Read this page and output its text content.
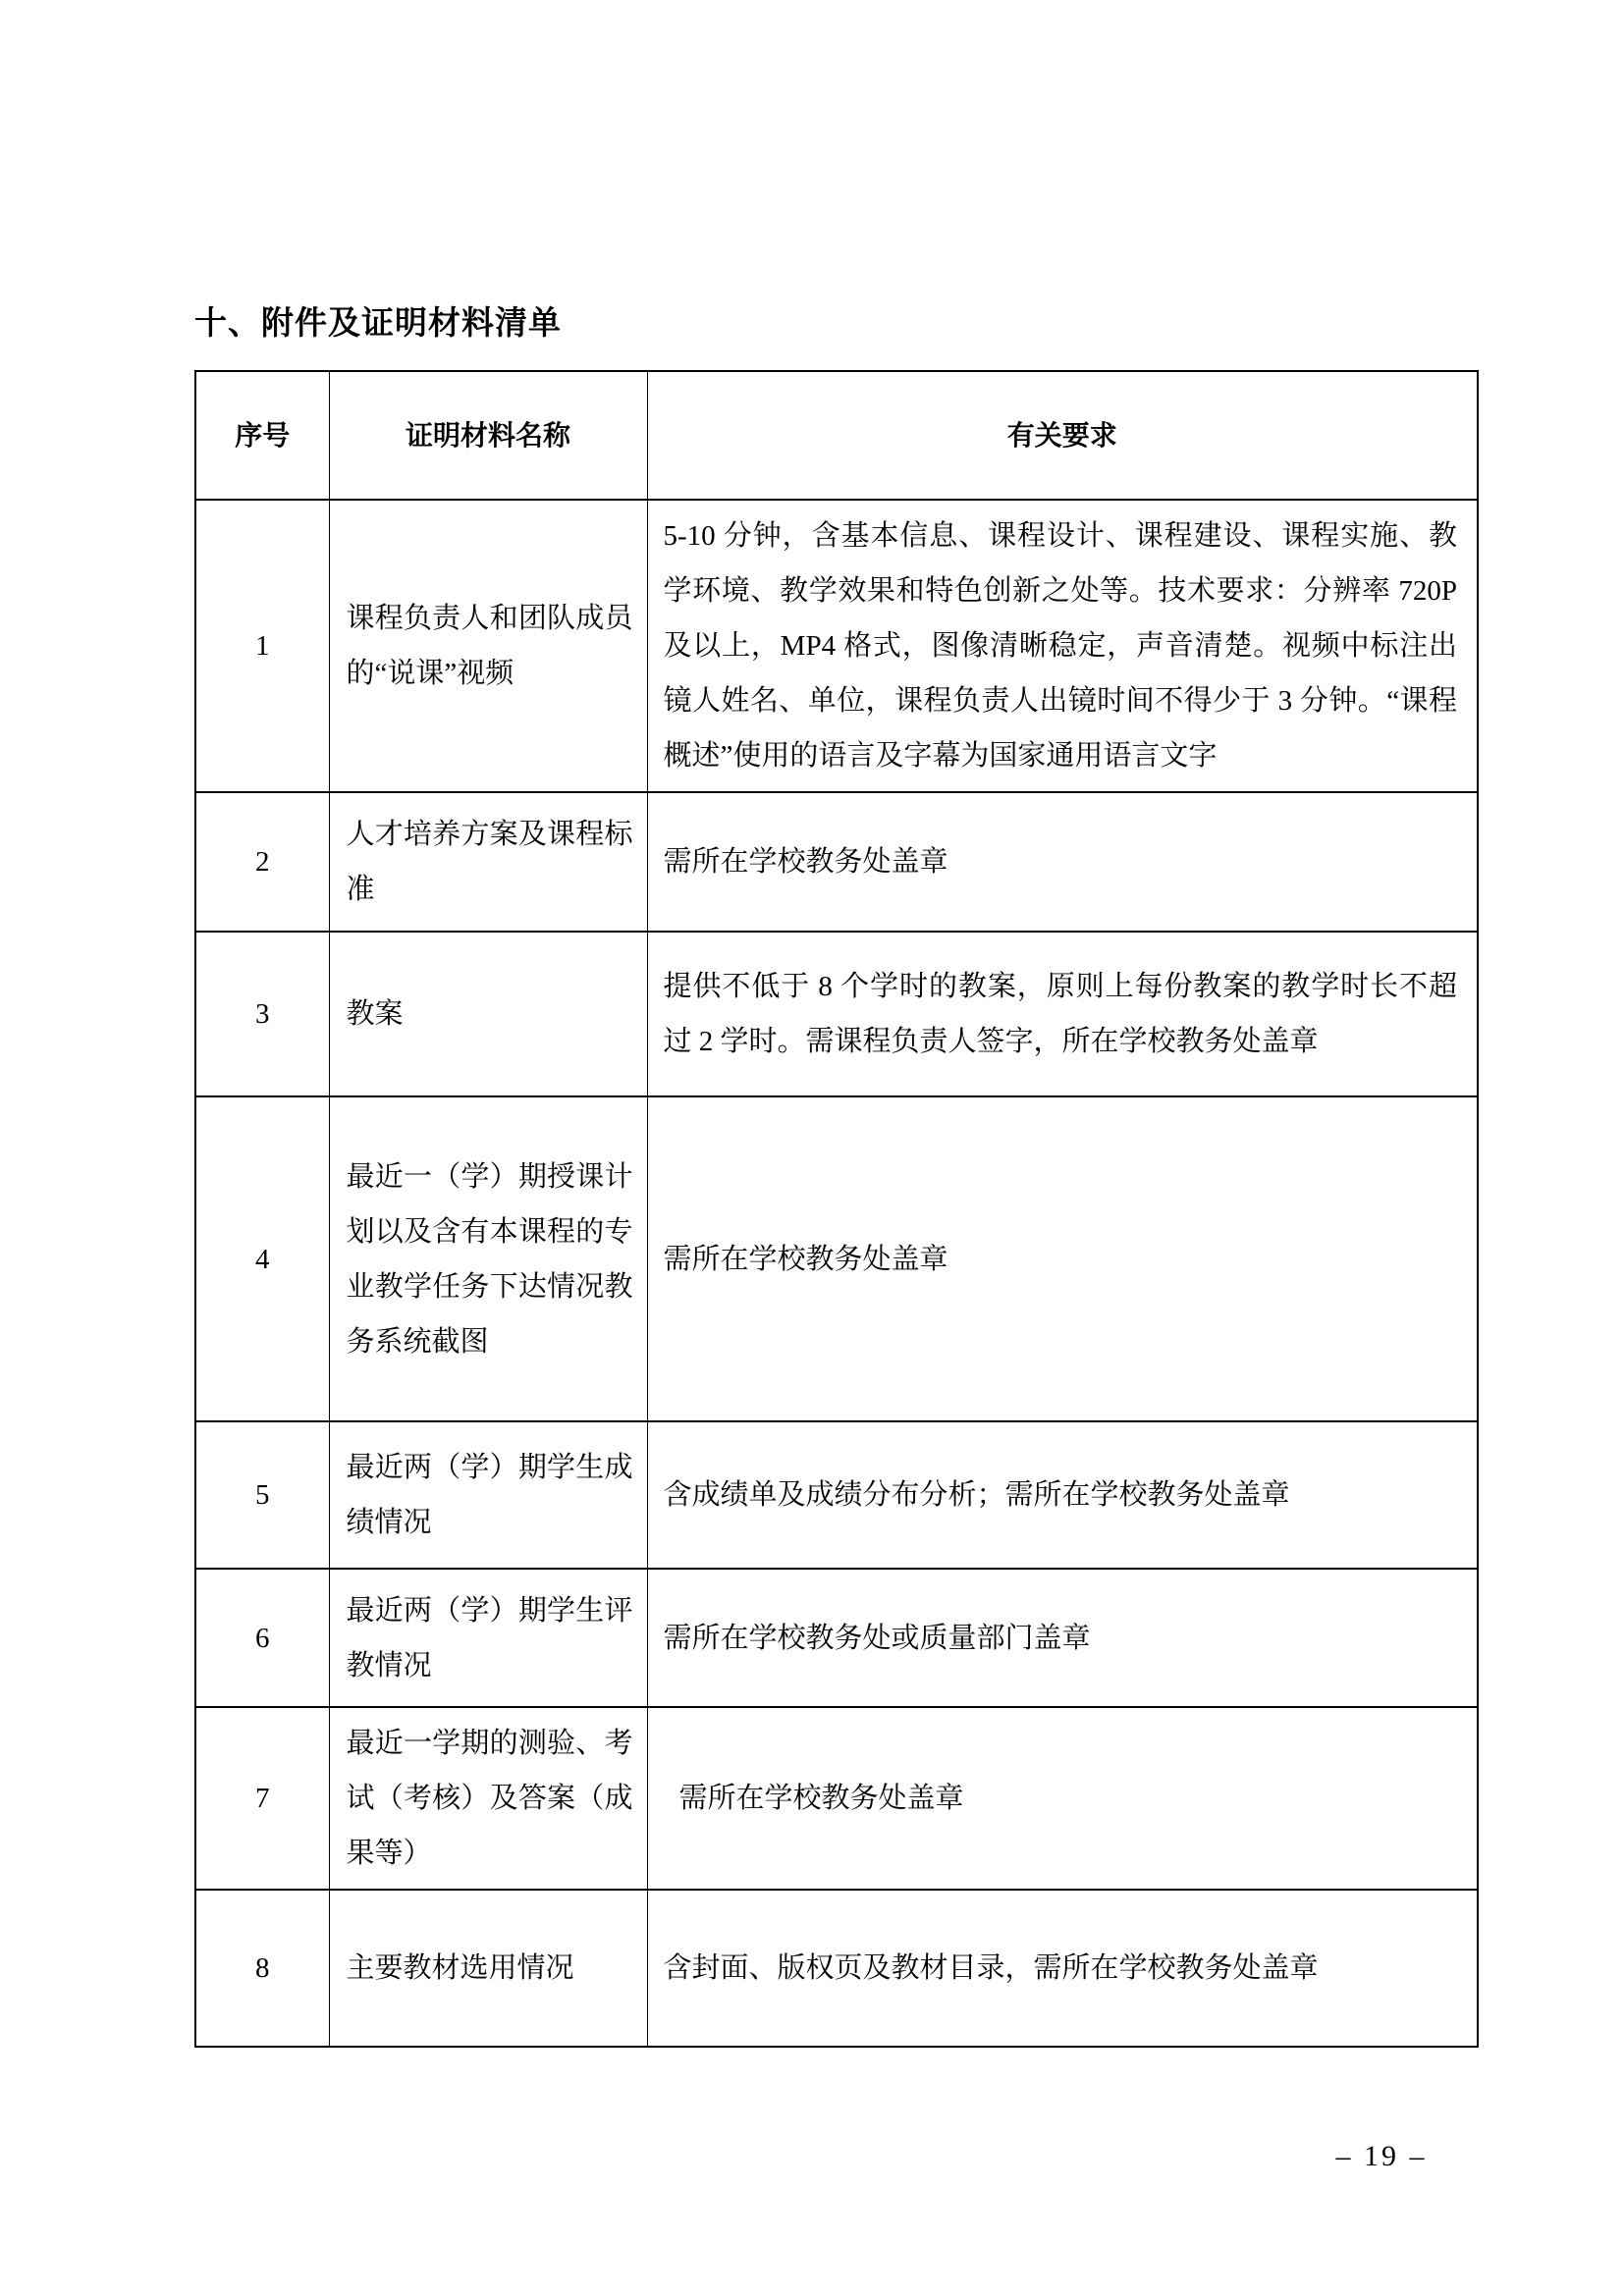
十、附件及证明材料清单
序号	证明材料名称	有关要求
1	课程负责人和团队成员的“说课”视频	5-10 分钟，含基本信息、课程设计、课程建设、课程实施、教学环境、教学效果和特色创新之处等。技术要求：分辨率 720P 及以上，MP4 格式，图像清晰稳定，声音清楚。视频中标注出镜人姓名、单位，课程负责人出镜时间不得少于 3 分钟。“课程概述”使用的语言及字幕为国家通用语言文字
2	人才培养方案及课程标准	需所在学校教务处盖章
3	教案	提供不低于 8 个学时的教案，原则上每份教案的教学时长不超过 2 学时。需课程负责人签字，所在学校教务处盖章
4	最近一（学）期授课计划以及含有本课程的专业教学任务下达情况教务系统截图	需所在学校教务处盖章
5	最近两（学）期学生成绩情况	含成绩单及成绩分布分析；需所在学校教务处盖章
6	最近两（学）期学生评教情况	需所在学校教务处或质量部门盖章
7	最近一学期的测验、考试（考核）及答案（成果等）	需所在学校教务处盖章
8	主要教材选用情况	含封面、版权页及教材目录，需所在学校教务处盖章
– 19 –
